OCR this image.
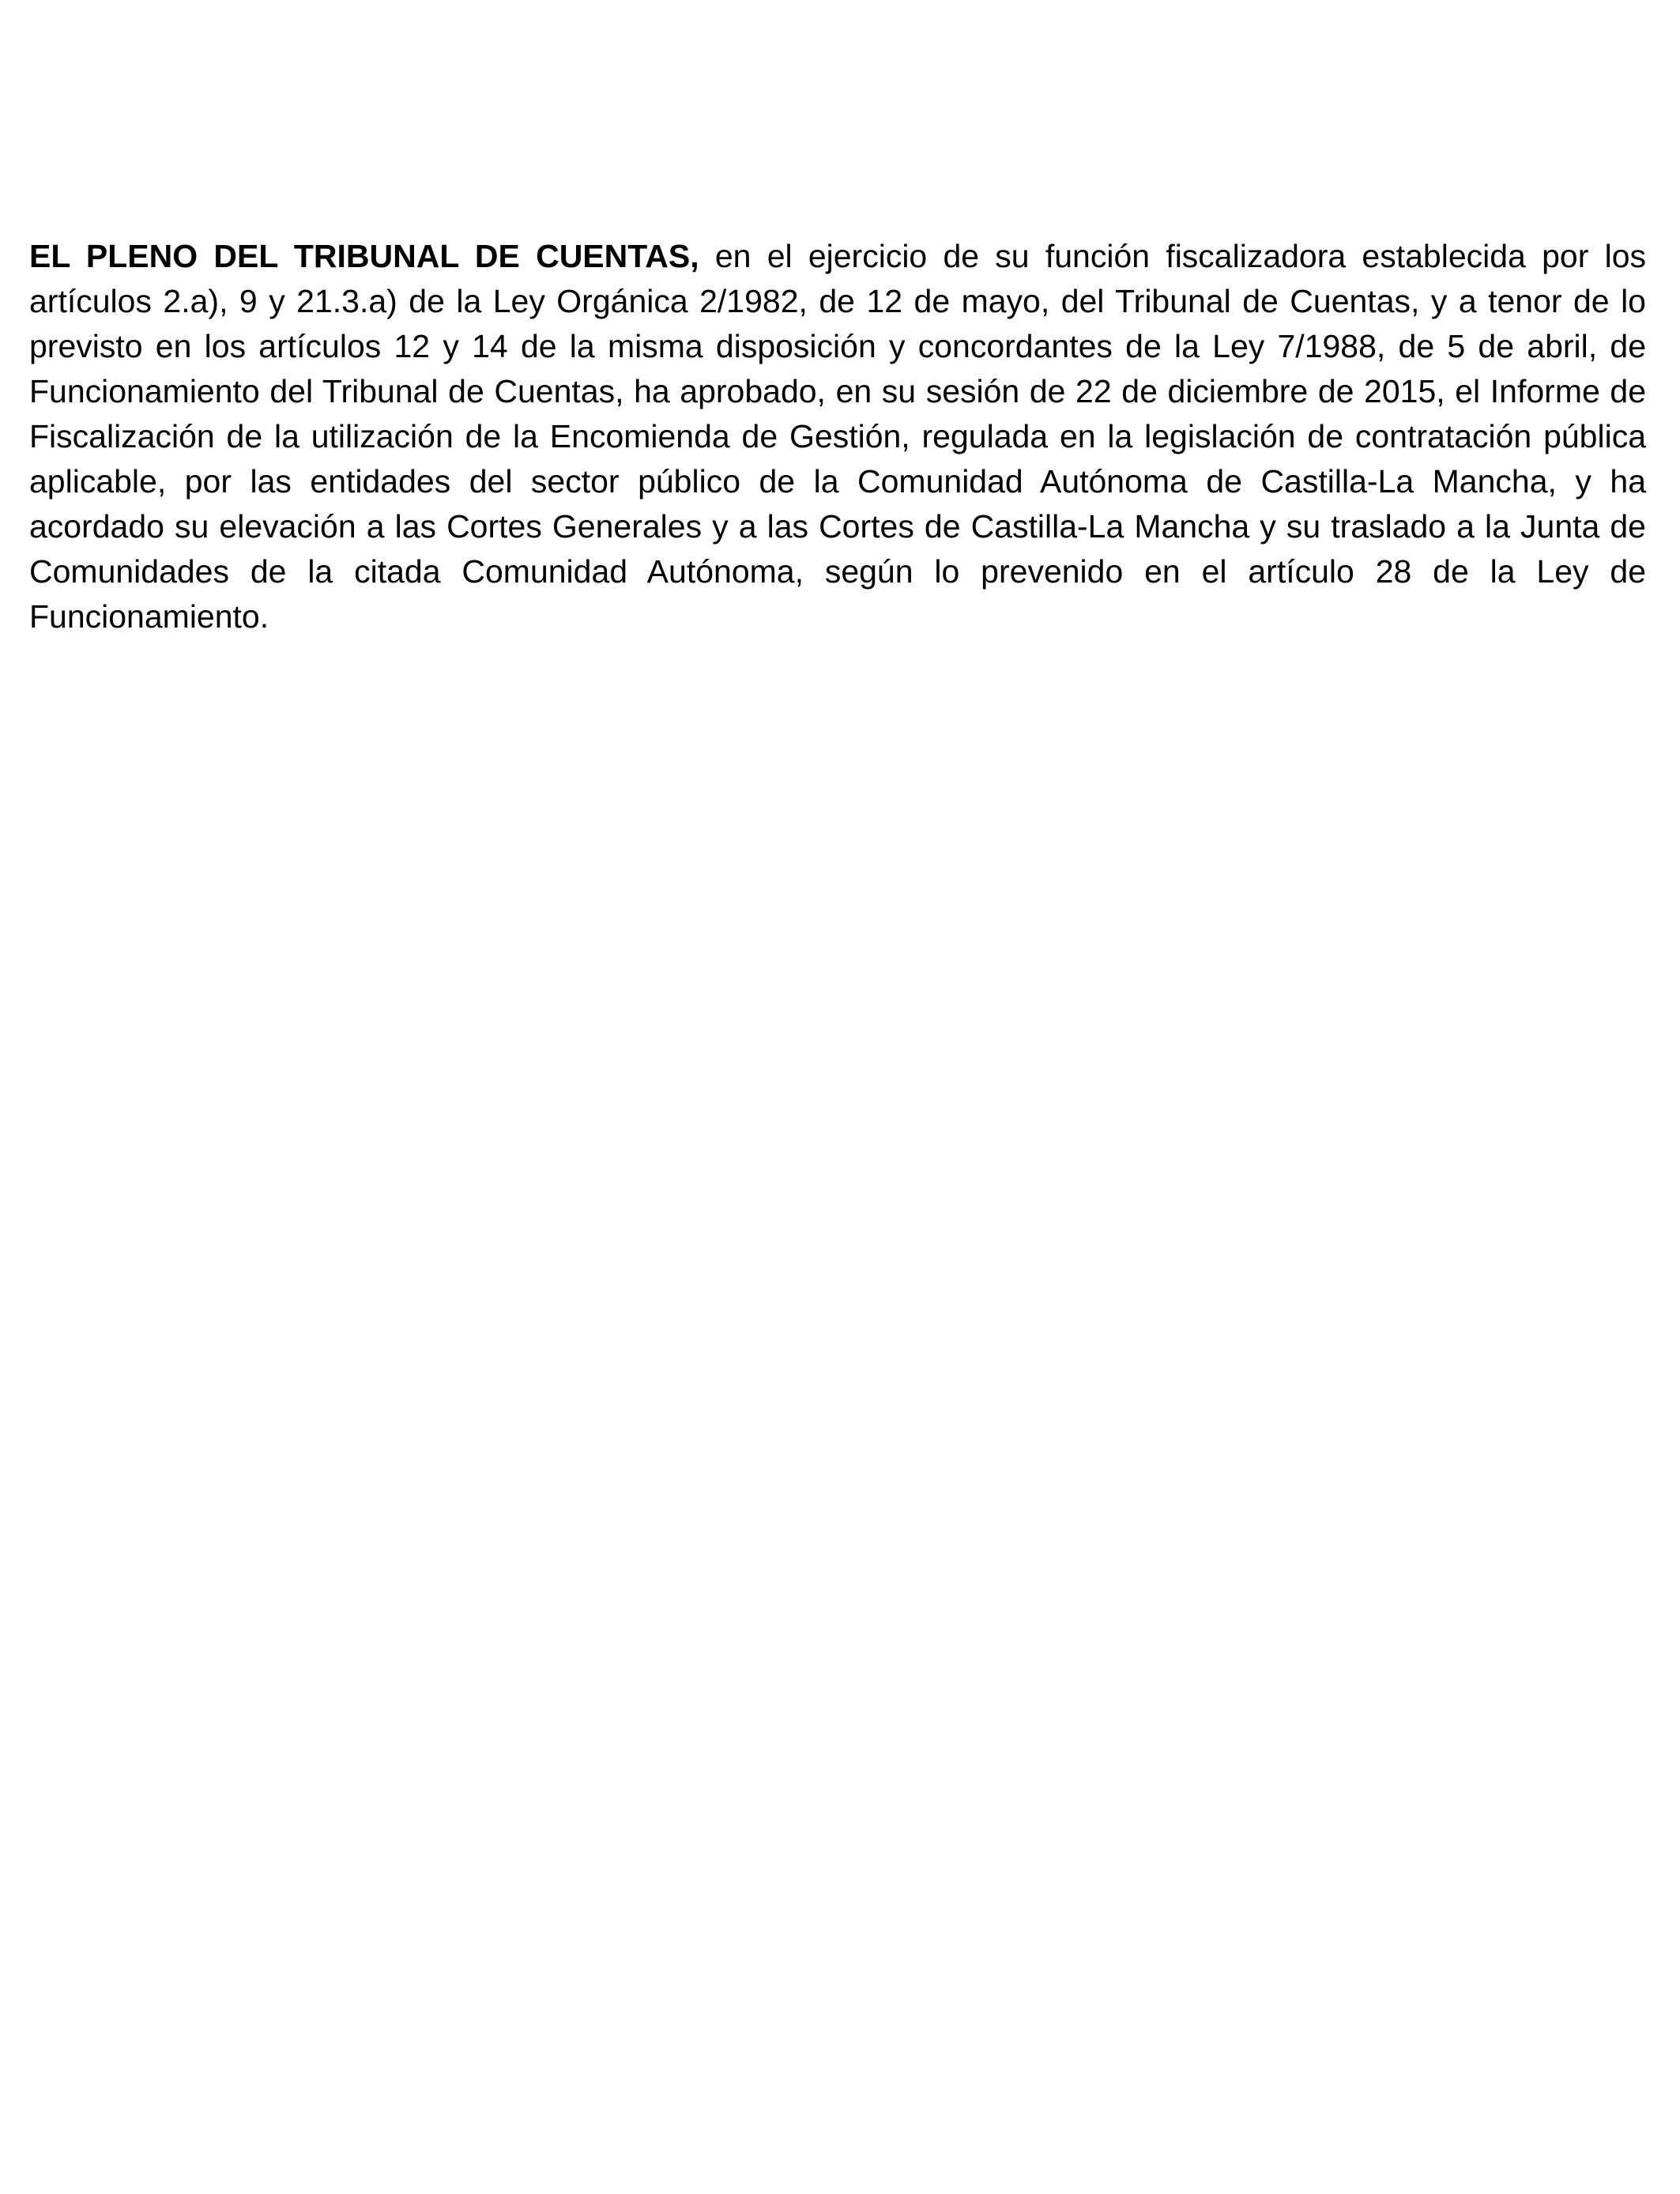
EL PLENO DEL TRIBUNAL DE CUENTAS, en el ejercicio de su función fiscalizadora establecida por los artículos 2.a), 9 y 21.3.a) de la Ley Orgánica 2/1982, de 12 de mayo, del Tribunal de Cuentas, y a tenor de lo previsto en los artículos 12 y 14 de la misma disposición y concordantes de la Ley 7/1988, de 5 de abril, de Funcionamiento del Tribunal de Cuentas, ha aprobado, en su sesión de 22 de diciembre de 2015, el Informe de Fiscalización de la utilización de la Encomienda de Gestión, regulada en la legislación de contratación pública aplicable, por las entidades del sector público de la Comunidad Autónoma de Castilla-La Mancha, y ha acordado su elevación a las Cortes Generales y a las Cortes de Castilla-La Mancha y su traslado a la Junta de Comunidades de la citada Comunidad Autónoma, según lo prevenido en el artículo 28 de la Ley de Funcionamiento.
